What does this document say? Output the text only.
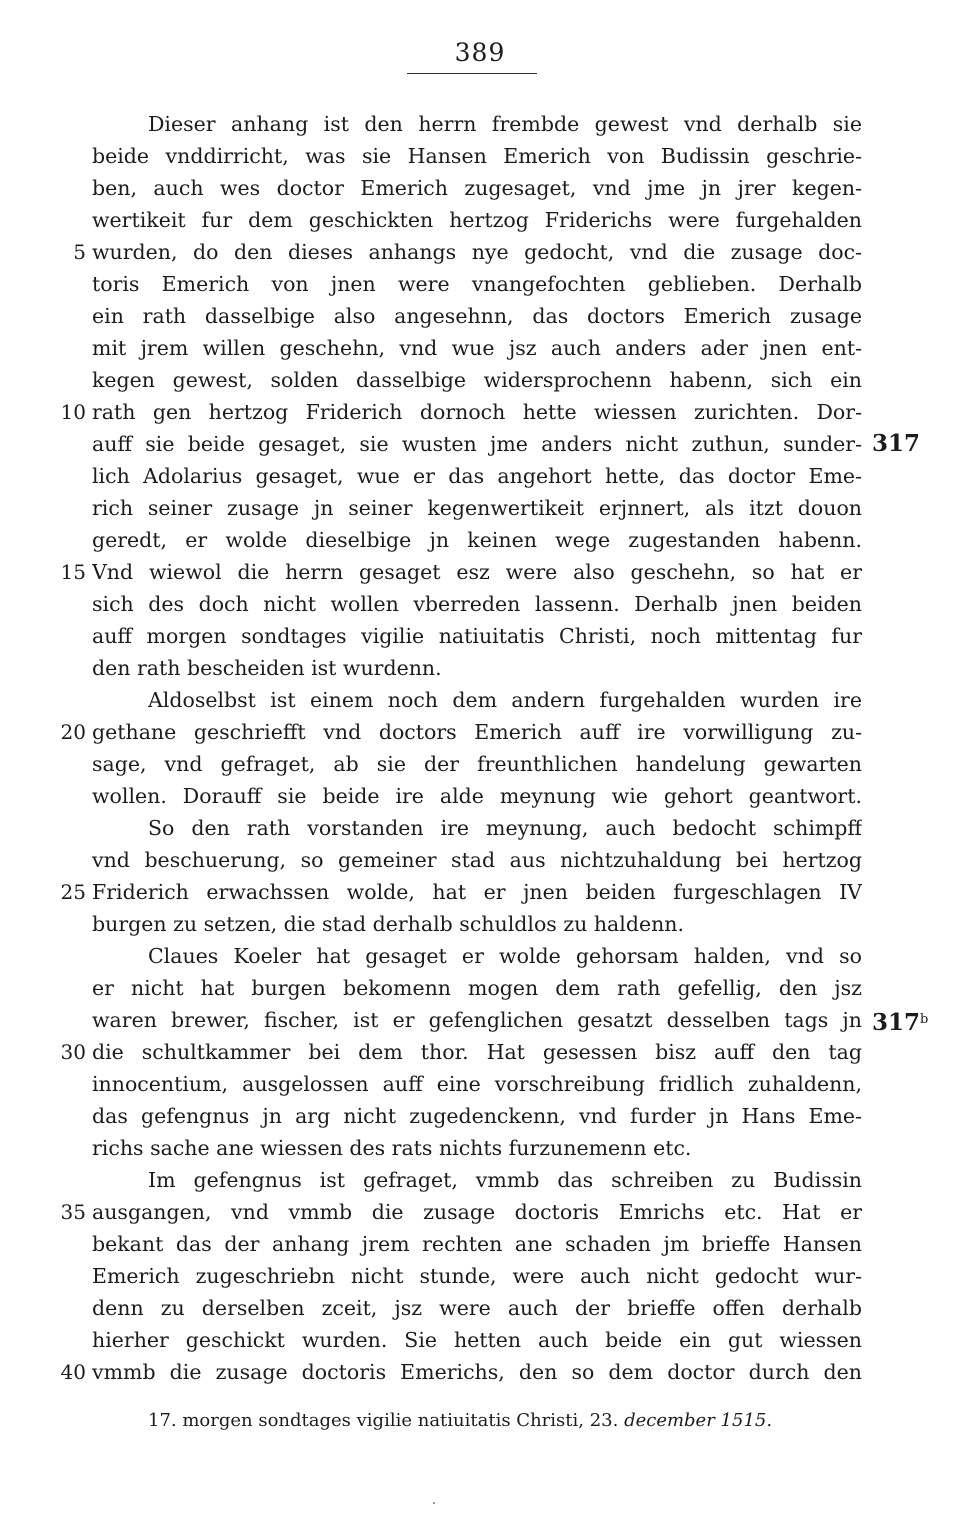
389
Dieser anhang ist den herrn frembde gewest vnd derhalb sie
beide vnddirricht, was sie Hansen Emerich von Budissin geschrie-
ben, auch wes doctor Emerich zugesaget, vnd jme jn jrer kegen-
wertikeit fur dem geschickten hertzog Friderichs were furgehalden
wurden, do den dieses anhangs nye gedocht, vnd die zusage doc-
toris Emerich von jnen were vnangefochten geblieben. Derhalb
ein rath dasselbige also angesehnn, das doctors Emerich zusage
mit jrem willen geschehn, vnd wue jsz auch anders ader jnen ent-
kegen gewest, solden dasselbige widersprochenn habenn, sich ein
rath gen hertzog Friderich dornoch hette wiessen zurichten. Dor-
auff sie beide gesaget, sie wusten jme anders nicht zuthun, sunder-
lich Adolarius gesaget, wue er das angehort hette, das doctor Eme-
rich seiner zusage jn seiner kegenwertikeit erjnnert, als itzt douon
geredt, er wolde dieselbige jn keinen wege zugestanden habenn.
Vnd wiewol die herrn gesaget esz were also geschehn, so hat er
sich des doch nicht wollen vberreden lassenn. Derhalb jnen beiden
auff morgen sondtages vigilie natiuitatis Christi, noch mittentag fur
den rath bescheiden ist wurdenn.
Aldoselbst ist einem noch dem andern furgehalden wurden ire
gethane geschriefft vnd doctors Emerich auff ire vorwilligung zu-
sage, vnd gefraget, ab sie der freunthlichen handelung gewarten
wollen. Dorauff sie beide ire alde meynung wie gehort geantwort.
So den rath vorstanden ire meynung, auch bedocht schimpff
vnd beschuerung, so gemeiner stad aus nichtzuhaldung bei hertzog
Friderich erwachssen wolde, hat er jnen beiden furgeschlagen IV
burgen zu setzen, die stad derhalb schuldlos zu haldenn.
Claues Koeler hat gesaget er wolde gehorsam halden, vnd so
er nicht hat burgen bekomenn mogen dem rath gefellig, den jsz
waren brewer, fischer, ist er gefenglichen gesatzt desselben tags jn
die schultkammer bei dem thor. Hat gesessen bisz auff den tag
innocentium, ausgelossen auff eine vorschreibung fridlich zuhaldenn,
das gefengnus jn arg nicht zugedenckenn, vnd furder jn Hans Eme-
richs sache ane wiessen des rats nichts furzunemenn etc.
Im gefengnus ist gefraget, vmmb das schreiben zu Budissin
ausgangen, vnd vmmb die zusage doctoris Emrichs etc. Hat er
bekant das der anhang jrem rechten ane schaden jm brieffe Hansen
Emerich zugeschriebn nicht stunde, were auch nicht gedocht wur-
denn zu derselben zceit, jsz were auch der brieffe offen derhalb
hierher geschickt wurden. Sie hetten auch beide ein gut wiessen
vmmb die zusage doctoris Emerichs, den so dem doctor durch den
5
10
15
20
25
30
35
40
317
317$^b$
17. morgen sondtages vigilie natiuitatis Christi, 23. december 1515.
